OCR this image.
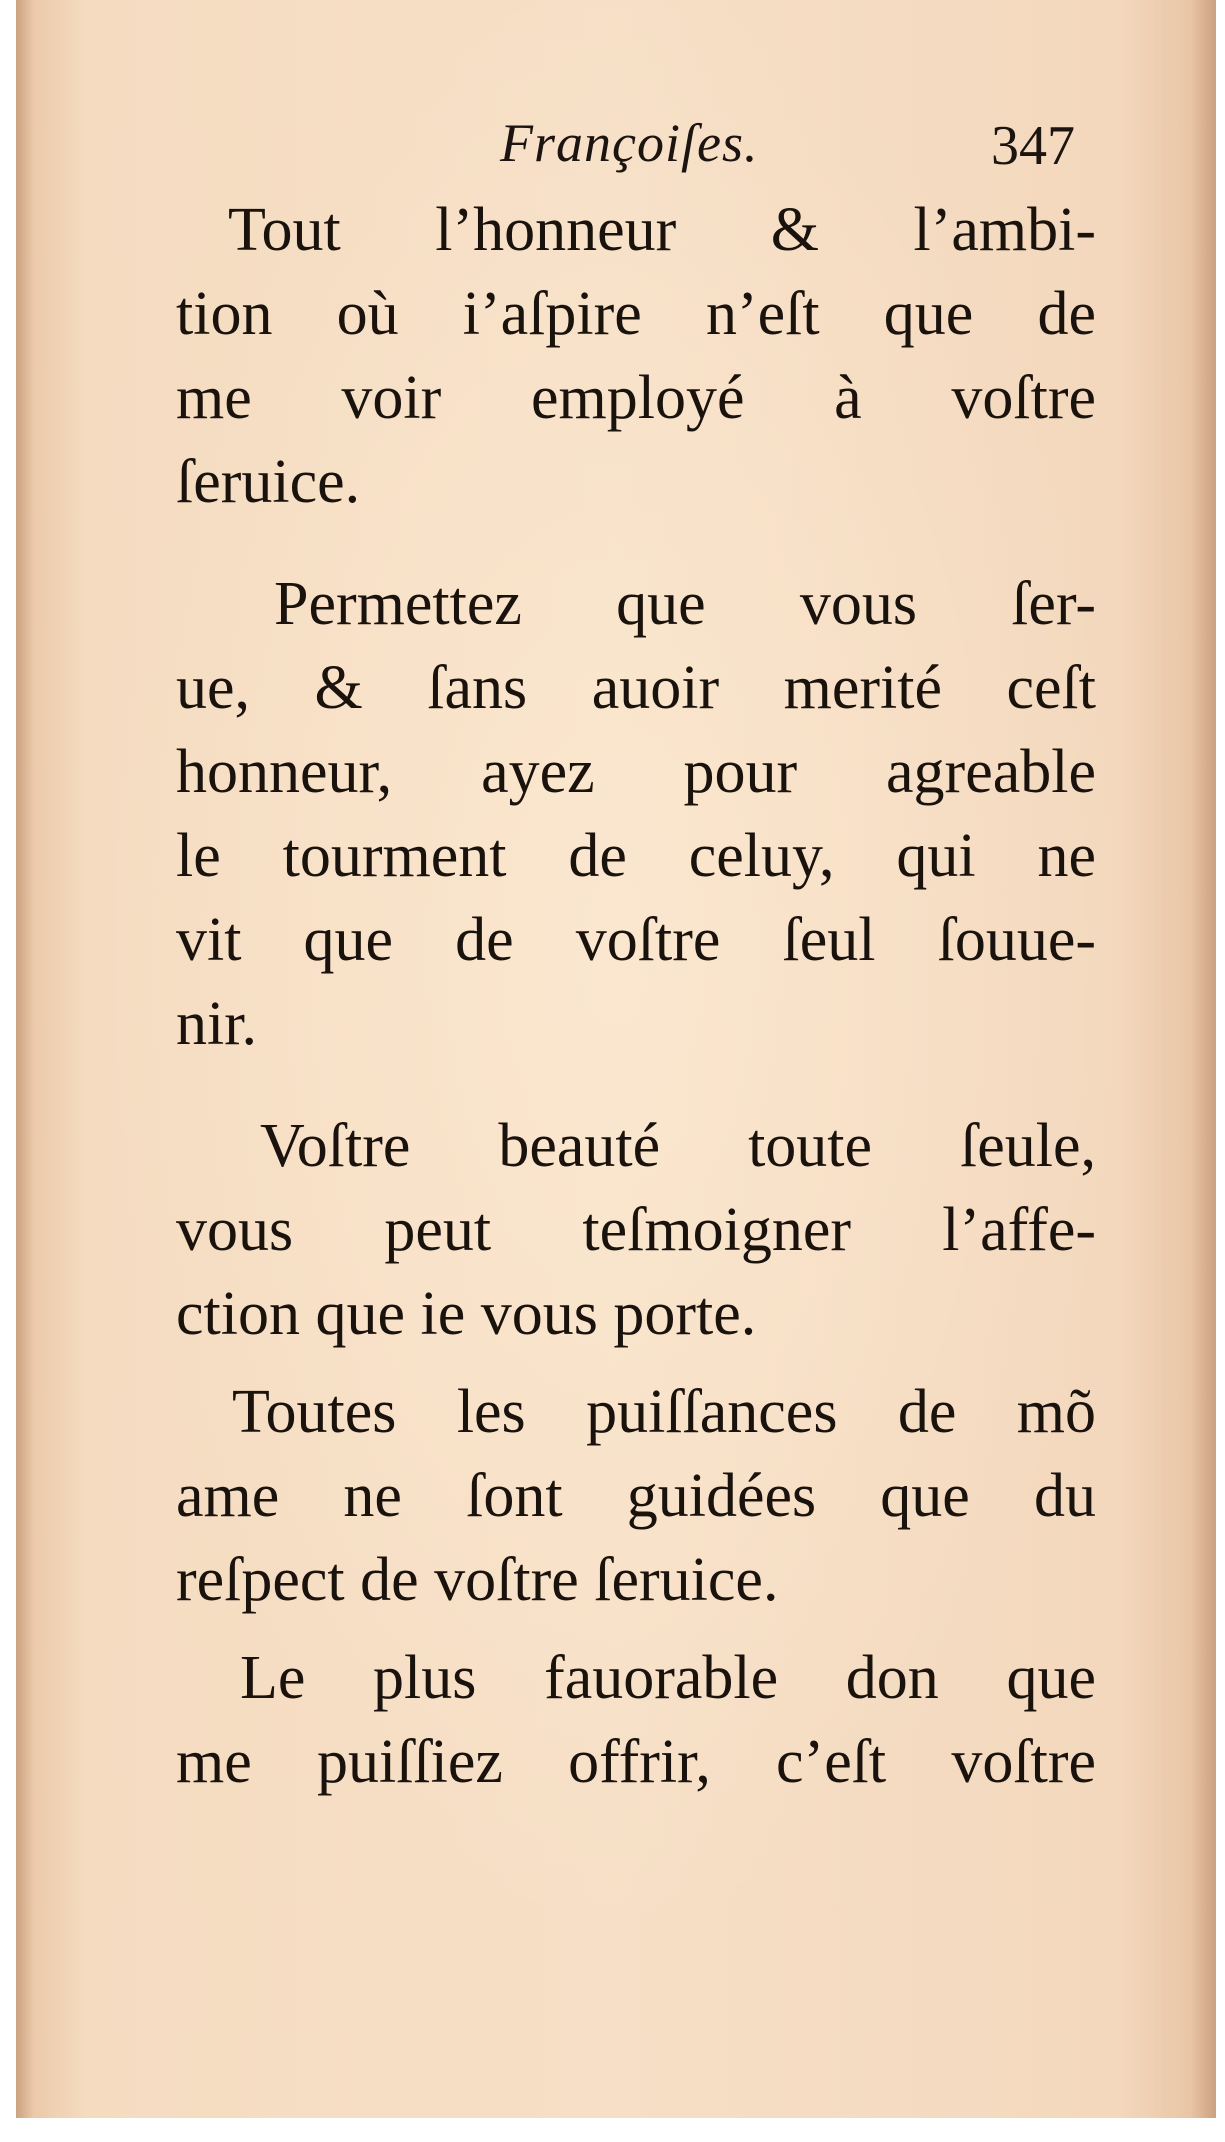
Françoiſes.	347

Tout l’honneur & l’ambi-
tion où i’aſpire n’eſt que de
me voir employé à voſtre
ſeruice.

Permettez que vous ſer-
ue, & ſans auoir merité ceſt
honneur, ayez pour agreable
le tourment de celuy, qui ne
vit que de voſtre ſeul ſouue-
nir.

Voſtre beauté toute ſeule,
vous peut teſmoigner l’affe-
ction que ie vous porte.

Toutes les puiſſances de mõ
ame ne ſont guidées que du
reſpect de voſtre ſeruice.

Le plus fauorable don que
me puiſſiez offrir, c’eſt voſtre
